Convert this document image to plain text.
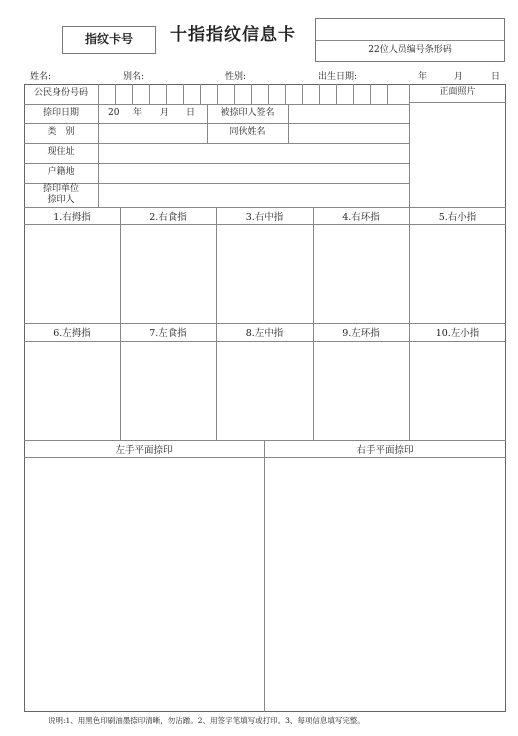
指纹卡号	十指指纹信息卡
22位人员编号条形码
姓名:	别名:	性别:	出生日期:	年	月	日
公民身份号码	正面照片
捺印日期	20 年 月 日	被捺印人签名
类　别	同伙姓名
现住址
户籍地
捺印单位
捺印人
1.右拇指	2.右食指	3.右中指	4.右环指	5.右小指
6.左拇指	7.左食指	8.左中指	9.左环指	10.左小指
左手平面捺印	右手平面捺印
说明:1、用黑色印刷油墨捺印清晰，勿沾蹭。2、用签字笔填写或打印。3、每项信息填写完整。
